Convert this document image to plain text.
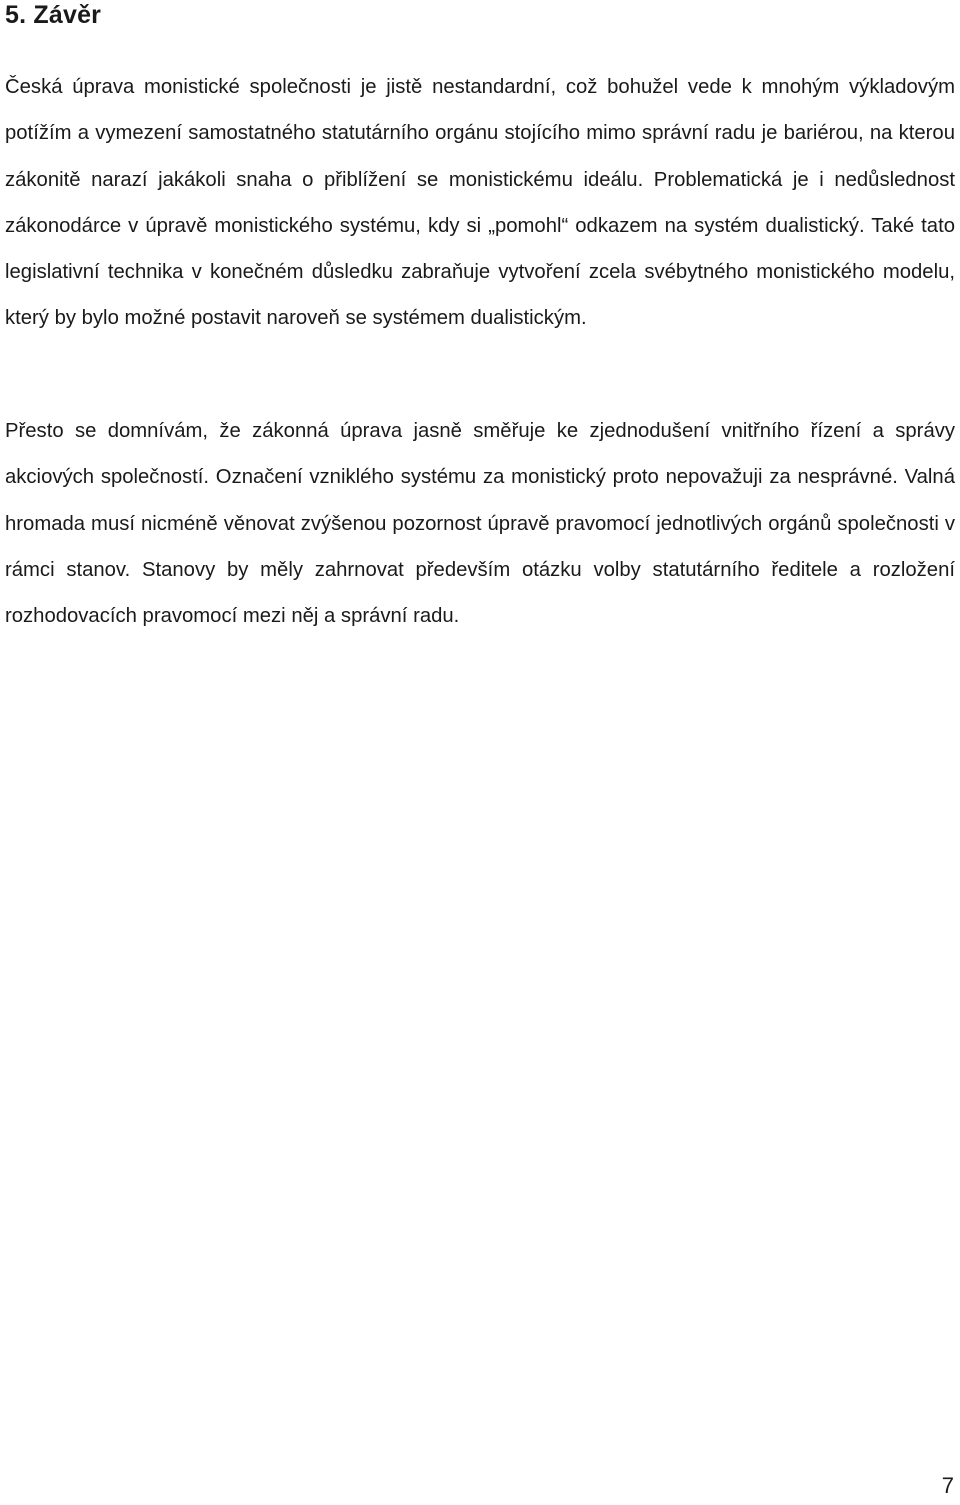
5. Závěr

Česká úprava monistické společnosti je jistě nestandardní, což bohužel vede k mnohým výkladovým potížím a vymezení samostatného statutárního orgánu stojícího mimo správní radu je bariérou, na kterou zákonitě narazí jakákoli snaha o přiblížení se monistickému ideálu. Problematická je i nedůslednost zákonodárce v úpravě monistického systému, kdy si „pomohl“ odkazem na systém dualistický. Také tato legislativní technika v konečném důsledku zabraňuje vytvoření zcela svébytného monistického modelu, který by bylo možné postavit naroveň se systémem dualistickým.

Přesto se domnívám, že zákonná úprava jasně směřuje ke zjednodušení vnitřního řízení a správy akciových společností. Označení vzniklého systému za monistický proto nepovažuji za nesprávné. Valná hromada musí nicméně věnovat zvýšenou pozornost úpravě pravomocí jednotlivých orgánů společnosti v rámci stanov. Stanovy by měly zahrnovat především otázku volby statutárního ředitele a rozložení rozhodovacích pravomocí mezi něj a správní radu.

7
